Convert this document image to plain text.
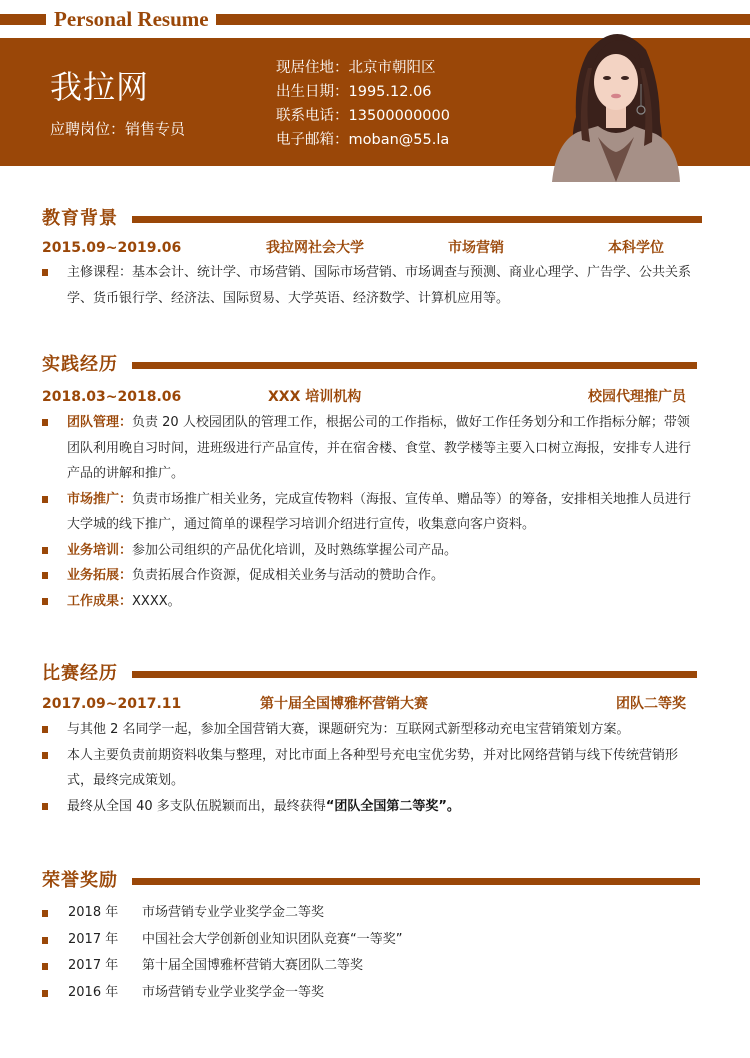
Personal Resume
我拉网
应聘岗位：销售专员
现居住地：北京市朝阳区
出生日期：1995.12.06
联系电话：13500000000
电子邮箱：moban@55.la
教育背景
2015.09~2019.06	我拉网社会大学	市场营销	本科学位
主修课程：基本会计、统计学、市场营销、国际市场营销、市场调查与预测、商业心理学、广告学、公共关系学、货币银行学、经济法、国际贸易、大学英语、经济数学、计算机应用等。
实践经历
2018.03~2018.06	XXX 培训机构	校园代理推广员
团队管理：负责 20 人校园团队的管理工作，根据公司的工作指标，做好工作任务划分和工作指标分解；带领团队利用晚自习时间，进班级进行产品宣传，并在宿舍楼、食堂、教学楼等主要入口树立海报，安排专人进行产品的讲解和推广。
市场推广：负责市场推广相关业务，完成宣传物料（海报、宣传单、赠品等）的筹备，安排相关地推人员进行大学城的线下推广，通过简单的课程学习培训介绍进行宣传，收集意向客户资料。
业务培训：参加公司组织的产品优化培训，及时熟练掌握公司产品。
业务拓展：负责拓展合作资源，促成相关业务与活动的赞助合作。
工作成果：XXXX。
比赛经历
2017.09~2017.11	第十届全国博雅杯营销大赛	团队二等奖
与其他 2 名同学一起，参加全国营销大赛，课题研究为：互联网式新型移动充电宝营销策划方案。
本人主要负责前期资料收集与整理，对比市面上各种型号充电宝优劣势，并对比网络营销与线下传统营销形式，最终完成策划。
最终从全国 40 多支队伍脱颖而出，最终获得“团队全国第二等奖”。
荣誉奖励
2018 年 市场营销专业学业奖学金二等奖
2017 年 中国社会大学创新创业知识团队竞赛“一等奖”
2017 年 第十届全国博雅杯营销大赛团队二等奖
2016 年 市场营销专业学业奖学金一等奖
